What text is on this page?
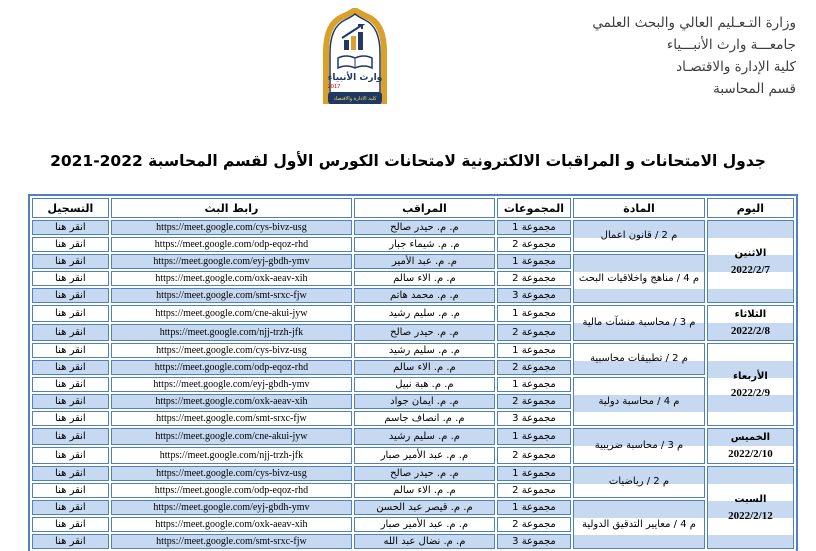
وارث الأنبياء
2017
كلية الادارة والاقتصاد
وزارة التـعـليم العالي والبحث العلمي
جامعـــة وارث الأنبـــياء
كلية الإدارة والاقتصـاد
قسم المحاسبة
جدول الامتحانات و المراقبات الالكترونية لامتحانات الكورس الأول لقسم المحاسبة 2022-2021
اليوم	المادة	المجموعات	المراقب	رابط البث	التسجيل

الاثنين
2022/2/7	م 2 / قانون اعمال	مجموعة 1	م. م. حيدر صالح	https://meet.google.com/cys-bivz-usg	انقر هنا
		مجموعة 2	م. م. شيماء جبار	https://meet.google.com/odp-eqoz-rhd	انقر هنا
	م 4 / مناهج واخلاقيات البحث	مجموعة 1	م. م. عبد الأمير	https://meet.google.com/eyj-gbdh-ymv	انقر هنا
		مجموعة 2	م. م. الاء سالم	https://meet.google.com/oxk-aeav-xih	انقر هنا
		مجموعة 3	م. م. محمد هاتم	https://meet.google.com/smt-srxc-fjw	انقر هنا

الثلاثاء
2022/2/8	م 3 / محاسبة منشآت مالية	مجموعة 1	م. م. سليم رشيد	https://meet.google.com/cne-akui-jyw	انقر هنا
		مجموعة 2	م. م. حيدر صالح	https://meet.google.com/njj-trzh-jfk	انقر هنا

الأربعاء
2022/2/9	م 2 / تطبيقات محاسبية	مجموعة 1	م. م. سليم رشيد	https://meet.google.com/cys-bivz-usg	انقر هنا
		مجموعة 2	م. م. الاء سالم	https://meet.google.com/odp-eqoz-rhd	انقر هنا
	م 4 / محاسبة دولية	مجموعة 1	م. م. هبة نبيل	https://meet.google.com/eyj-gbdh-ymv	انقر هنا
		مجموعة 2	م. م. ايمان جواد	https://meet.google.com/oxk-aeav-xih	انقر هنا
		مجموعة 3	م. م. انصاف جاسم	https://meet.google.com/smt-srxc-fjw	انقر هنا

الخميس
2022/2/10	م 3 / محاسبة ضريبية	مجموعة 1	م. م. سليم رشيد	https://meet.google.com/cne-akui-jyw	انقر هنا
		مجموعة 2	م. م. عبد الأمير صبار	https://meet.google.com/njj-trzh-jfk	انقر هنا

السبت
2022/2/12	م 2 / رياضيات	مجموعة 1	م. م. حيدر صالح	https://meet.google.com/cys-bivz-usg	انقر هنا
		مجموعة 2	م. م. الاء سالم	https://meet.google.com/odp-eqoz-rhd	انقر هنا
	م 4 / معايير التدقيق الدولية	مجموعة 1	م. م. قيصر عبد الحسن	https://meet.google.com/eyj-gbdh-ymv	انقر هنا
		مجموعة 2	م. م. عبد الأمير صبار	https://meet.google.com/oxk-aeav-xih	انقر هنا
		مجموعة 3	م. م. نضال عبد الله	https://meet.google.com/smt-srxc-fjw	انقر هنا
